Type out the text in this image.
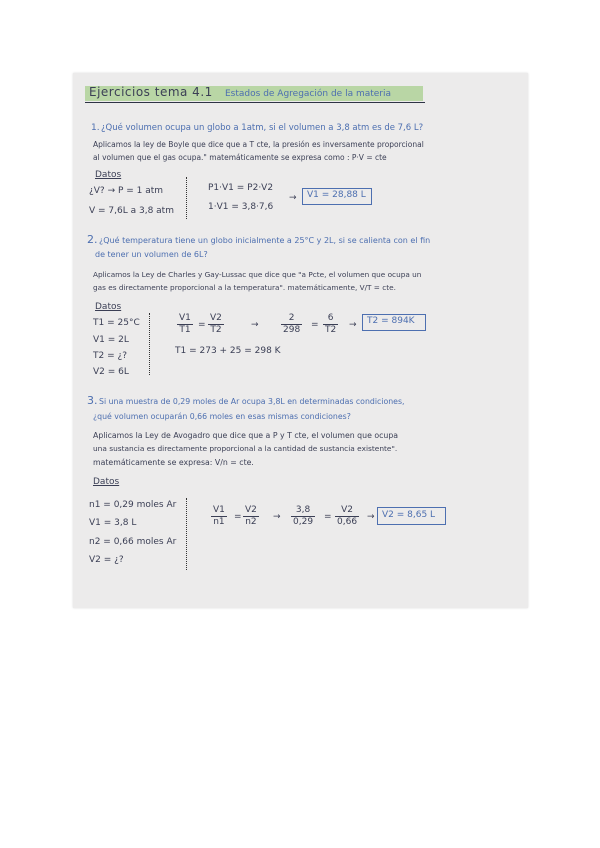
Ejercicios tema 4.1 Estados de Agregación de la materia
1. ¿Qué volumen ocupa un globo a 1atm, si el volumen a 3,8 atm es de 7,6 L?
Aplicamos la ley de Boyle que dice que a T cte, la presión es inversamente proporcional
al volumen que el gas ocupa." matemáticamente se expresa como : P·V = cte
Datos
¿V? → P = 1 atm
V = 7,6L a 3,8 atm
P1·V1 = P2·V2
1·V1 = 3,8·7,6
→ V1 = 28,88 L
2. ¿Qué temperatura tiene un globo inicialmente a 25°C y 2L, si se calienta con el fin
de tener un volumen de 6L?
Aplicamos la Ley de Charles y Gay-Lussac que dice que "a Pcte, el volumen que ocupa un
gas es directamente proporcional a la temperatura". matemáticamente, V/T = cte.
Datos
T1 = 25°C
V1 = 2L
T2 = ¿?
V2 = 6L
$\frac{V1}{T1} = \frac{V2}{T2}$	→ $\frac{2}{298} = \frac{6}{T2} \to T2 = 894K$
T1 = 273 + 25 = 298 K
3. Si una muestra de 0,29 moles de Ar ocupa 3,8L en determinadas condiciones,
¿qué volumen ocuparán 0,66 moles en esas mismas condiciones?
Aplicamos la Ley de Avogadro que dice que a P y T cte, el volumen que ocupa
una sustancia es directamente proporcional a la cantidad de sustancia existente".
matemáticamente se expresa: V/n = cte.
Datos
n1 = 0,29 moles Ar
V1 = 3,8 L
n2 = 0,66 moles Ar
V2 = ¿?
$\frac{V1}{n1} = \frac{V2}{n2} \to \frac{3,8}{0,29} = \frac{V2}{0,66} \to V2 = 8,65$ L
